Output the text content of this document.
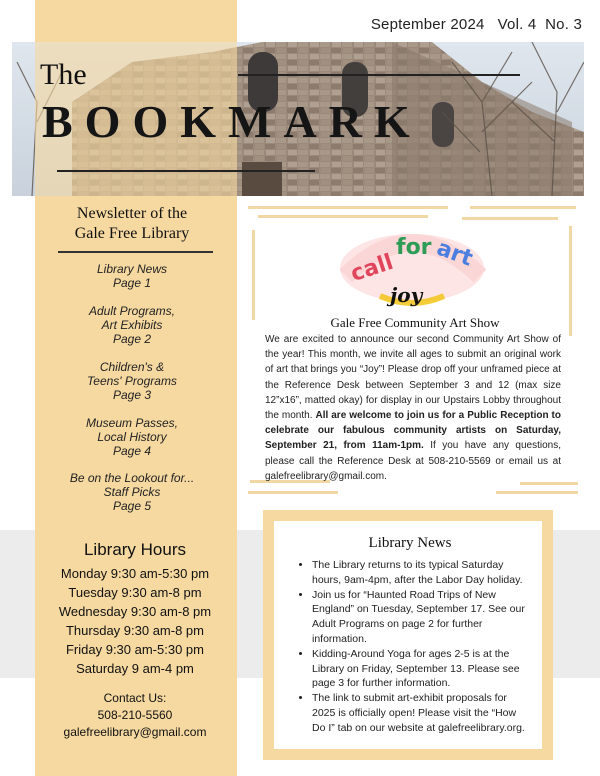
September 2024 Vol. 4 No. 3
The
BOOKMARK
Newsletter of the
Gale Free Library
Library News
Page 1
Adult Programs,
Art Exhibits
Page 2
Children's &
Teens' Programs
Page 3
Museum Passes,
Local History
Page 4
Be on the Lookout for...
Staff Picks
Page 5
Library Hours
Monday 9:30 am-5:30 pm
Tuesday 9:30 am-8 pm
Wednesday 9:30 am-8 pm
Thursday 9:30 am-8 pm
Friday 9:30 am-5:30 pm
Saturday 9 am-4 pm
Contact Us:
508-210-5560
galefreelibrary@gmail.com
call
for art
joy
Gale Free Community Art Show
We are excited to announce our second Community Art Show of the year! This month, we invite all ages to submit an original work of art that brings you “Joy”! Please drop off your unframed piece at the Reference Desk between September 3 and 12 (max size 12”x16”, matted okay) for display in our Upstairs Lobby throughout the month. All are welcome to join us for a Public Reception to celebrate our fabulous community artists on Saturday, September 21, from 11am-1pm. If you have any questions, please call the Reference Desk at 508-210-5569 or email us at galefreelibrary@gmail.com.
Library News
• The Library returns to its typical Saturday hours, 9am-4pm, after the Labor Day holiday.
• Join us for “Haunted Road Trips of New England” on Tuesday, September 17. See our Adult Programs on page 2 for further information.
• Kidding-Around Yoga for ages 2-5 is at the Library on Friday, September 13. Please see page 3 for further information.
• The link to submit art-exhibit proposals for 2025 is officially open! Please visit the “How Do I” tab on our website at galefreelibrary.org.
